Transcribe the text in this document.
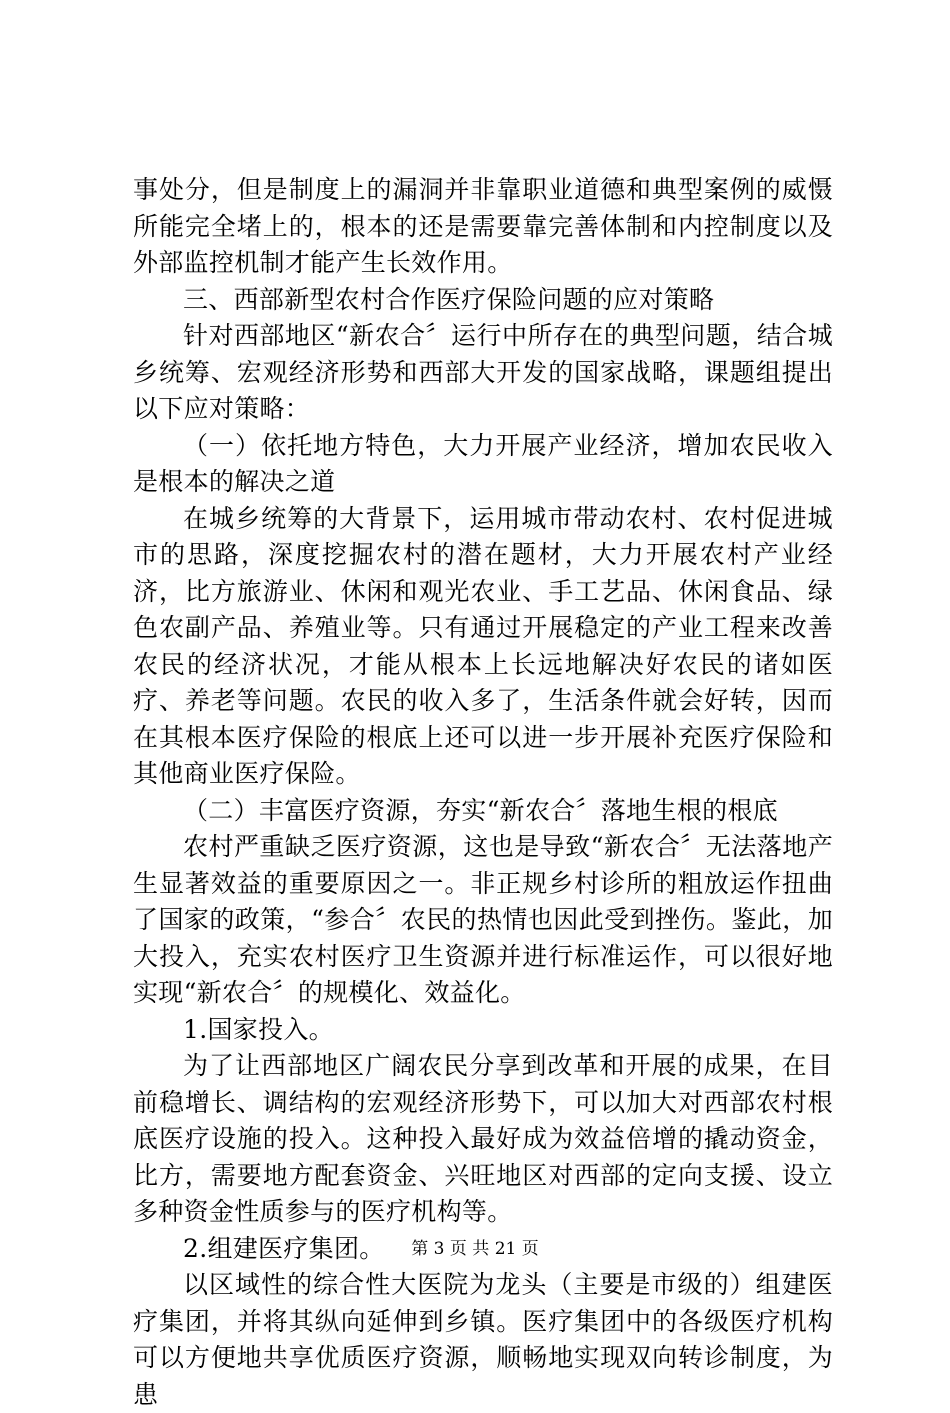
事处分，但是制度上的漏洞并非靠职业道德和典型案例的威慑所能完全堵上的，根本的还是需要靠完善体制和内控制度以及外部监控机制才能产生长效作用。

三、西部新型农村合作医疗保险问题的应对策略

针对西部地区“新农合〞运行中所存在的典型问题，结合城乡统筹、宏观经济形势和西部大开发的国家战略，课题组提出以下应对策略：

（一）依托地方特色，大力开展产业经济，增加农民收入是根本的解决之道

在城乡统筹的大背景下，运用城市带动农村、农村促进城市的思路，深度挖掘农村的潜在题材，大力开展农村产业经济，比方旅游业、休闲和观光农业、手工艺品、休闲食品、绿色农副产品、养殖业等。只有通过开展稳定的产业工程来改善农民的经济状况，才能从根本上长远地解决好农民的诸如医疗、养老等问题。农民的收入多了，生活条件就会好转，因而在其根本医疗保险的根底上还可以进一步开展补充医疗保险和其他商业医疗保险。

（二）丰富医疗资源，夯实“新农合〞落地生根的根底

农村严重缺乏医疗资源，这也是导致“新农合〞无法落地产生显著效益的重要原因之一。非正规乡村诊所的粗放运作扭曲了国家的政策，“参合〞农民的热情也因此受到挫伤。鉴此，加大投入，充实农村医疗卫生资源并进行标准运作，可以很好地实现“新农合〞的规模化、效益化。

1.国家投入。

为了让西部地区广阔农民分享到改革和开展的成果，在目前稳增长、调结构的宏观经济形势下，可以加大对西部农村根底医疗设施的投入。这种投入最好成为效益倍增的撬动资金，比方，需要地方配套资金、兴旺地区对西部的定向支援、设立多种资金性质参与的医疗机构等。

2.组建医疗集团。

以区域性的综合性大医院为龙头（主要是市级的）组建医疗集团，并将其纵向延伸到乡镇。医疗集团中的各级医疗机构可以方便地共享优质医疗资源，顺畅地实现双向转诊制度，为患

第 3 页 共 21 页
